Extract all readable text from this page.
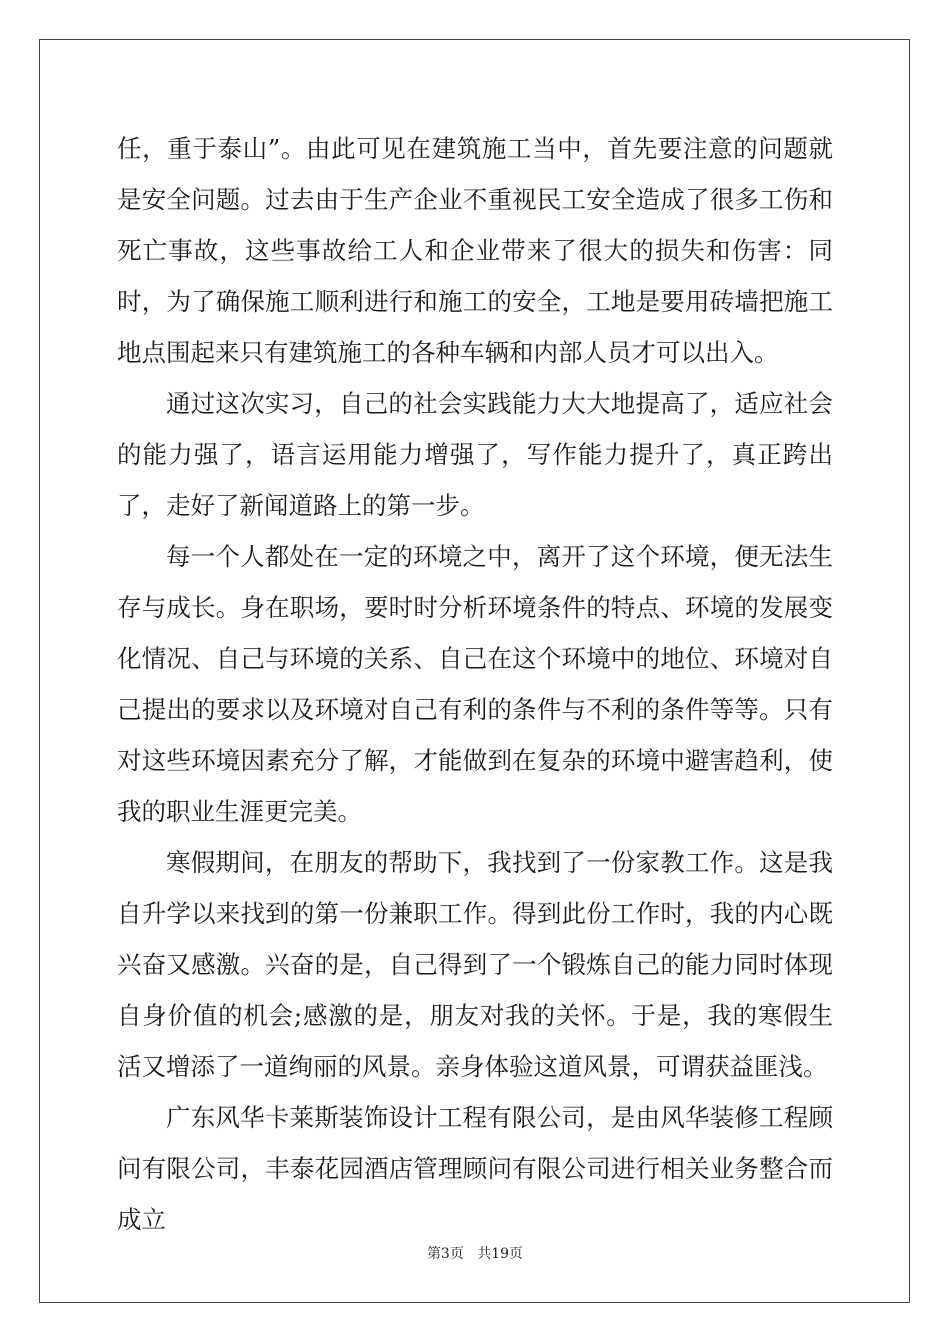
任，重于泰山”。由此可见在建筑施工当中，首先要注意的问题就是安全问题。过去由于生产企业不重视民工安全造成了很多工伤和死亡事故，这些事故给工人和企业带来了很大的损失和伤害：同时，为了确保施工顺利进行和施工的安全，工地是要用砖墙把施工地点围起来只有建筑施工的各种车辆和内部人员才可以出入。

通过这次实习，自己的社会实践能力大大地提高了，适应社会的能力强了，语言运用能力增强了，写作能力提升了，真正跨出了，走好了新闻道路上的第一步。

每一个人都处在一定的环境之中，离开了这个环境，便无法生存与成长。身在职场，要时时分析环境条件的特点、环境的发展变化情况、自己与环境的关系、自己在这个环境中的地位、环境对自己提出的要求以及环境对自己有利的条件与不利的条件等等。只有对这些环境因素充分了解，才能做到在复杂的环境中避害趋利，使我的职业生涯更完美。

寒假期间，在朋友的帮助下，我找到了一份家教工作。这是我自升学以来找到的第一份兼职工作。得到此份工作时，我的内心既兴奋又感激。兴奋的是，自己得到了一个锻炼自己的能力同时体现自身价值的机会;感激的是，朋友对我的关怀。于是，我的寒假生活又增添了一道绚丽的风景。亲身体验这道风景，可谓获益匪浅。

广东风华卡莱斯装饰设计工程有限公司，是由风华装修工程顾问有限公司，丰泰花园酒店管理顾问有限公司进行相关业务整合而成立

第3页 共19页
